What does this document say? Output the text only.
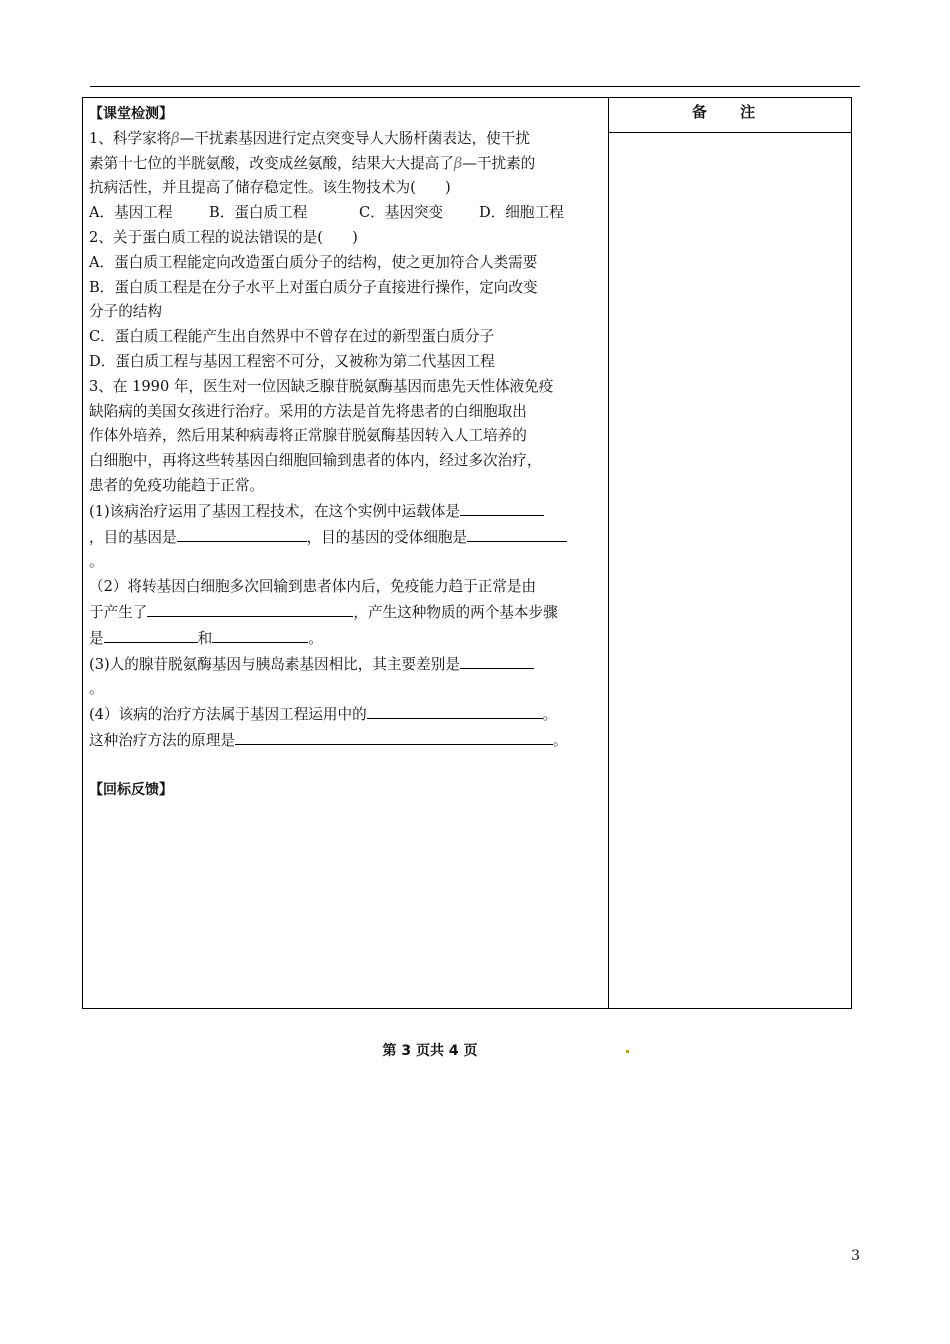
备 注
【课堂检测】
1、科学家将β—干扰素基因进行定点突变导人大肠杆菌表达，使干扰
素第十七位的半胱氨酸，改变成丝氨酸，结果大大提高了β—干扰素的
抗病活性，并且提高了储存稳定性。该生物技术为(　　)
A．基因工程 B．蛋白质工程	C．基因突变 D．细胞工程
2、关于蛋白质工程的说法错误的是(　　)
A．蛋白质工程能定向改造蛋白质分子的结构，使之更加符合人类需要
B．蛋白质工程是在分子水平上对蛋白质分子直接进行操作，定向改变
分子的结构
C．蛋白质工程能产生出自然界中不曾存在过的新型蛋白质分子
D．蛋白质工程与基因工程密不可分，又被称为第二代基因工程
3、在 1990 年，医生对一位因缺乏腺苷脱氨酶基因而患先天性体液免疫
缺陷病的美国女孩进行治疗。采用的方法是首先将患者的白细胞取出
作体外培养，然后用某种病毒将正常腺苷脱氨酶基因转入人工培养的
白细胞中，再将这些转基因白细胞回输到患者的体内，经过多次治疗，
患者的免疫功能趋于正常。
(1)该病治疗运用了基因工程技术，在这个实例中运载体是
，目的基因是	，目的基因的受体细胞是
。
（2）将转基因白细胞多次回输到患者体内后，免疫能力趋于正常是由
于产生了	，产生这种物质的两个基本步骤
是	和	。
(3)人的腺苷脱氨酶基因与胰岛素基因相比，其主要差别是
。
(4）该病的治疗方法属于基因工程运用中的	。
这种治疗方法的原理是	。
【回标反馈】
第 3 页共 4 页
3
